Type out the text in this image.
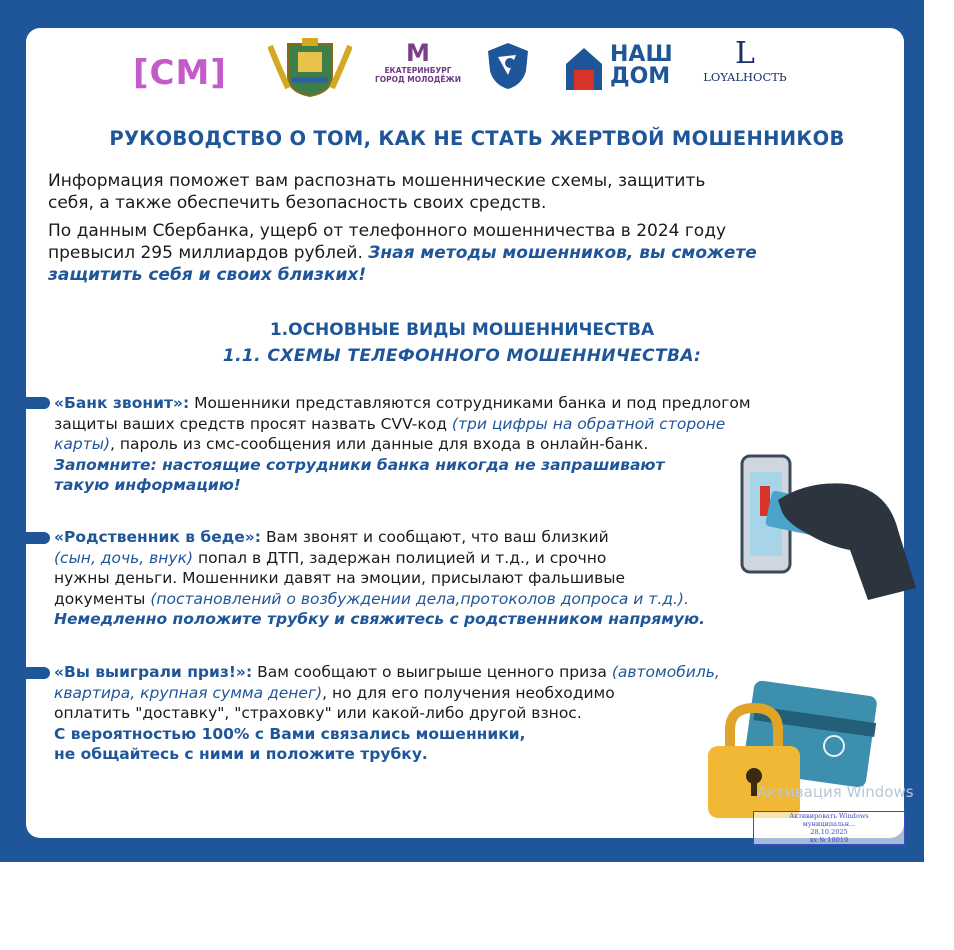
[СМ]	M
ЕКАТЕРИНБУРГ ГОРОД МОЛОДЁЖИ
НАШ
ДОМ
L
LOYALНОСТЬ
РУКОВОДСТВО О ТОМ, КАК НЕ СТАТЬ ЖЕРТВОЙ МОШЕННИКОВ
Информация поможет вам распознать мошеннические схемы, защитить
себя, а также обеспечить безопасность своих средств.
По данным Сбербанка, ущерб от телефонного мошенничества в 2024 году
превысил 295 миллиардов рублей. Зная методы мошенников, вы сможете
защитить себя и своих близких!
1.ОСНОВНЫЕ ВИДЫ МОШЕННИЧЕСТВА
1.1. СХЕМЫ ТЕЛЕФОННОГО МОШЕННИЧЕСТВА:
«Банк звонит»: Мошенники представляются сотрудниками банка и под предлогом
защиты ваших средств просят назвать CVV-код (три цифры на обратной стороне
карты), пароль из смс-сообщения или данные для входа в онлайн-банк.
Запомните: настоящие сотрудники банка никогда не запрашивают
такую информацию!
«Родственник в беде»: Вам звонят и сообщают, что ваш близкий
(сын, дочь, внук) попал в ДТП, задержан полицией и т.д., и срочно
нужны деньги. Мошенники давят на эмоции, присылают фальшивые
документы (постановлений о возбуждении дела,протоколов допроса и т.д.).
Немедленно положите трубку и свяжитесь с родственником напрямую.
«Вы выиграли приз!»: Вам сообщают о выигрыше ценного приза (автомобиль,
квартира, крупная сумма денег), но для его получения необходимо
оплатить "доставку", "страховку" или какой-либо другой взнос.
С вероятностью 100% с Вами связались мошенники,
не общайтесь с ними и положите трубку.
Активация Windows
Активировать Windows
муниципальн...
28.10.2025
вх № 18019
